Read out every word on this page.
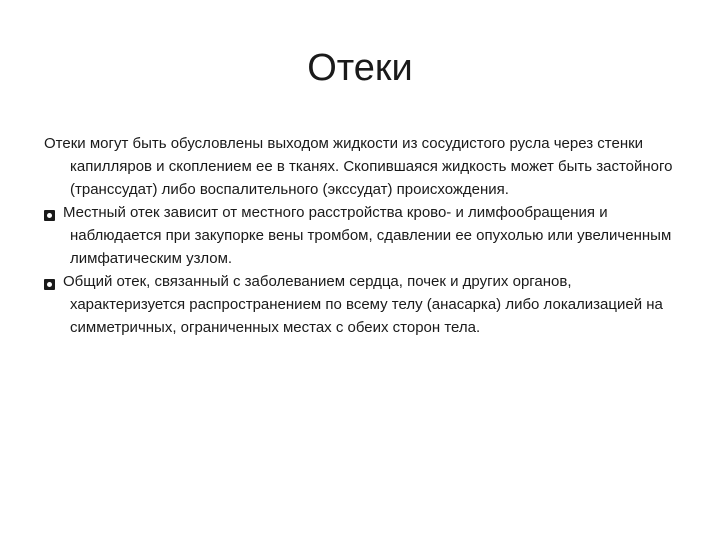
Отеки

Отеки могут быть обусловлены выходом жидкости из сосудистого русла через стенки капилляров и скоплением ее в тканях. Скопившаяся жидкость может быть застойного (транссудат) либо воспалительного (экссудат) происхождения.

Местный отек зависит от местного расстройства крово- и лимфообращения и наблюдается при закупорке вены тромбом, сдавлении ее опухолью или увеличенным лимфатическим узлом.

Общий отек, связанный с заболеванием сердца, почек и других органов, характеризуется распространением по всему телу (анасарка) либо локализацией на симметричных, ограниченных местах с обеих сторон тела.
